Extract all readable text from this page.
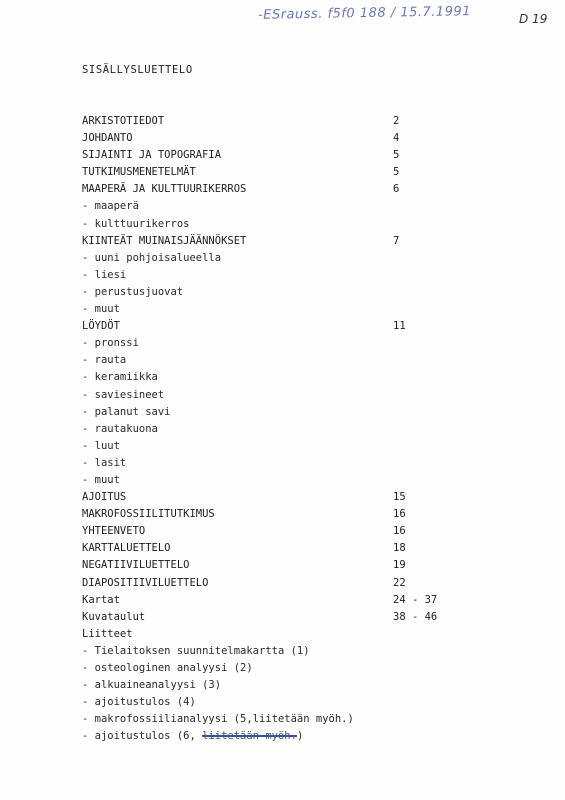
-ESrauss. f5f0 188 / 15.7.1991	D 19
SISÄLLYSLUETTELO
ARKISTOTIEDOT	2
JOHDANTO	4
SIJAINTI JA TOPOGRAFIA	5
TUTKIMUSMENETELMÄT	5
MAAPERÄ JA KULTTUURIKERROS	6
- maaperä
- kulttuurikerros
KIINTEÄT MUINAISJÄÄNNÖKSET	7
- uuni pohjoisalueella
- liesi
- perustusjuovat
- muut
LÖYDÖT	11
- pronssi
- rauta
- keramiikka
- saviesineet
- palanut savi
- rautakuona
- luut
- lasit
- muut
AJOITUS	15
MAKROFOSSIILITUTKIMUS	16
YHTEENVETO	16
KARTTALUETTELO	18
NEGATIIVILUETTELO	19
DIAPOSITIIVILUETTELO	22
Kartat	24 - 37
Kuvataulut	38 - 46
Liitteet
- Tielaitoksen suunnitelmakartta (1)
- osteologinen analyysi (2)
- alkuaineanalyysi (3)
- ajoitustulos (4)
- makrofossiilianalyysi (5,liitetään myöh.)
- ajoitustulos (6, liitetään myöh.)
